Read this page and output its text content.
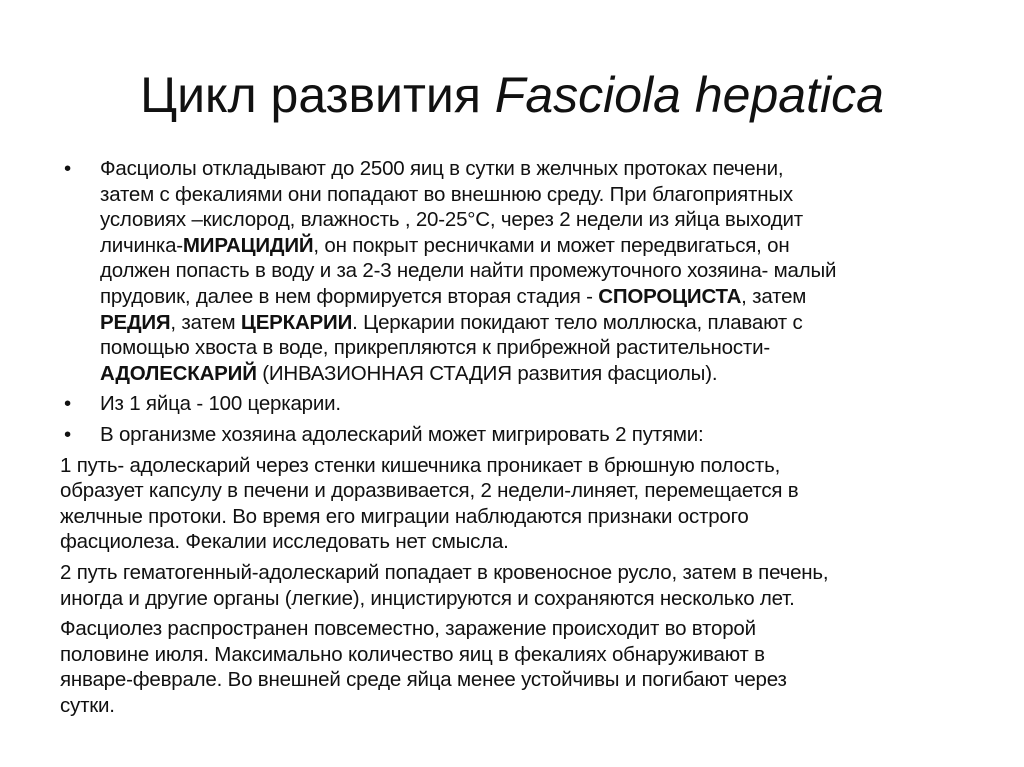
Цикл развития Fasciola hepatica
•	Фасциолы откладывают до 2500 яиц в сутки в желчных протоках печени,
затем с фекалиями они попадают во внешнюю среду. При благоприятных
условиях –кислород, влажность , 20-25°С, через 2 недели из яйца выходит
личинка-МИРАЦИДИЙ, он покрыт ресничками и может передвигаться, он
должен попасть в воду и за 2-3 недели найти промежуточного хозяина- малый
прудовик, далее в нем формируется вторая стадия - СПОРОЦИСТА, затем
РЕДИЯ, затем ЦЕРКАРИИ. Церкарии покидают тело моллюска, плавают с
помощью хвоста в воде, прикрепляются к прибрежной растительности-
АДОЛЕСКАРИЙ (ИНВАЗИОННАЯ СТАДИЯ развития фасциолы).
•	Из 1 яйца - 100 церкарии.
•	В организме хозяина адолескарий может мигрировать 2 путями:
1 путь- адолескарий через стенки кишечника проникает в брюшную полость,
образует капсулу в печени и доразвивается, 2 недели-линяет, перемещается в
желчные протоки. Во время его миграции наблюдаются признаки острого
фасциолеза. Фекалии исследовать нет смысла.
2 путь гематогенный-адолескарий попадает в кровеносное русло, затем в печень,
иногда и другие органы (легкие), инцистируются и сохраняются несколько лет.
Фасциолез распространен повсеместно, заражение происходит во второй
половине июля. Максимально количество яиц в фекалиях обнаруживают в
январе-феврале. Во внешней среде яйца менее устойчивы и погибают через
сутки.
